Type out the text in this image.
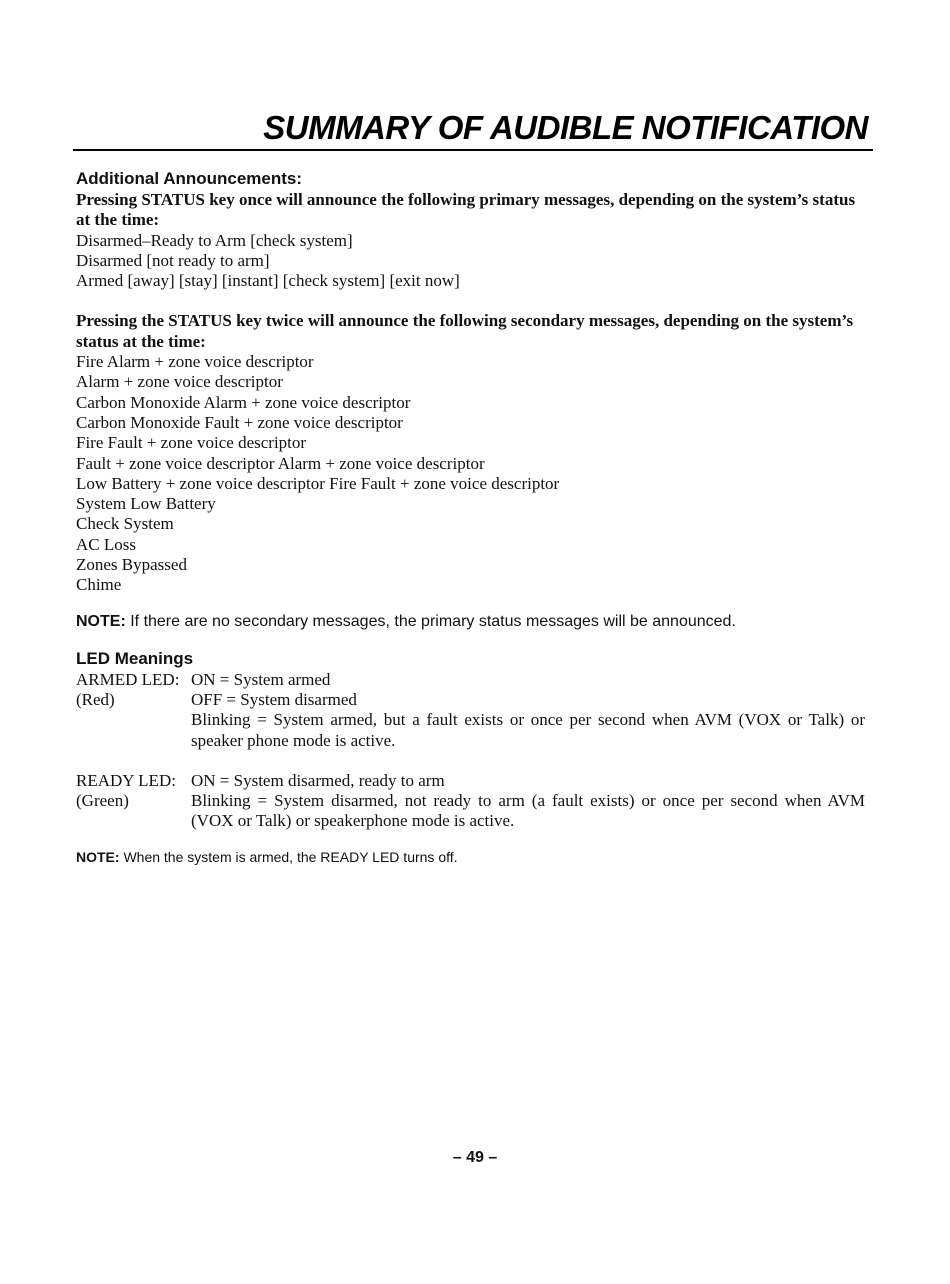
SUMMARY OF AUDIBLE NOTIFICATION
Additional Announcements:

Pressing STATUS key once will announce the following primary messages, depending on the system’s status at the time:

Disarmed–Ready to Arm [check system]
Disarmed [not ready to arm]
Armed [away] [stay] [instant] [check system] [exit now]

Pressing the STATUS key twice will announce the following secondary messages, depending on the system’s status at the time:

Fire Alarm + zone voice descriptor
Alarm + zone voice descriptor
Carbon Monoxide Alarm + zone voice descriptor
Carbon Monoxide Fault + zone voice descriptor
Fire Fault + zone voice descriptor
Fault + zone voice descriptor Alarm + zone voice descriptor
Low Battery + zone voice descriptor Fire Fault + zone voice descriptor
System Low Battery
Check System
AC Loss
Zones Bypassed
Chime

NOTE: If there are no secondary messages, the primary status messages will be announced.

LED Meanings
ARMED LED:
(Red)
ON = System armed
OFF = System disarmed
Blinking = System armed, but a fault exists or once per second when AVM (VOX or Talk) or speaker phone mode is active.
READY LED:
(Green)
ON = System disarmed, ready to arm
Blinking = System disarmed, not ready to arm (a fault exists) or once per second when AVM (VOX or Talk) or speakerphone mode is active.

NOTE: When the system is armed, the READY LED turns off.

– 49 –
